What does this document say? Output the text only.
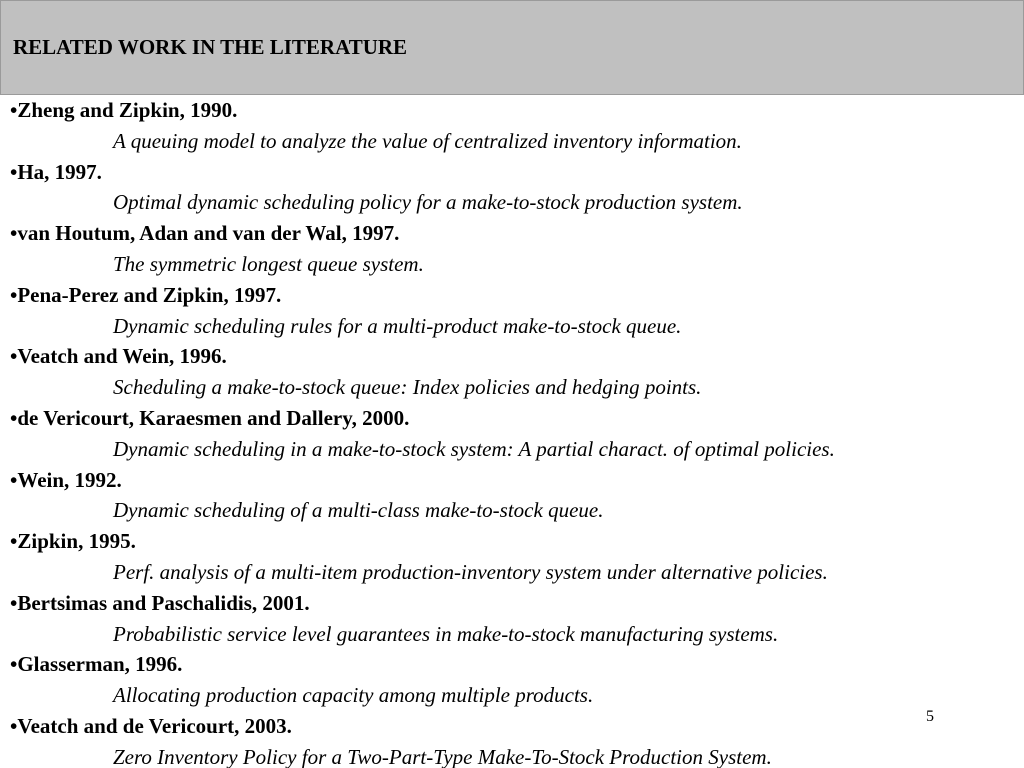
RELATED WORK IN THE LITERATURE
•Zheng and Zipkin, 1990.
A queuing model to analyze the value of centralized inventory information.
•Ha, 1997.
Optimal dynamic scheduling policy for a make-to-stock production system.
•van Houtum, Adan and van der Wal, 1997.
The symmetric longest queue system.
•Pena-Perez and Zipkin, 1997.
Dynamic scheduling rules for a multi-product make-to-stock queue.
•Veatch and Wein, 1996.
Scheduling a make-to-stock queue: Index policies and hedging points.
•de Vericourt, Karaesmen and Dallery, 2000.
Dynamic scheduling in a make-to-stock system: A partial charact. of optimal policies.
•Wein, 1992.
Dynamic scheduling of a multi-class make-to-stock queue.
•Zipkin, 1995.
Perf. analysis of a multi-item production-inventory system under alternative policies.
•Bertsimas and Paschalidis, 2001.
Probabilistic service level guarantees in make-to-stock manufacturing systems.
•Glasserman, 1996.
Allocating production capacity among multiple products.
•Veatch and de Vericourt, 2003.
Zero Inventory Policy for a Two-Part-Type Make-To-Stock Production System.
5
